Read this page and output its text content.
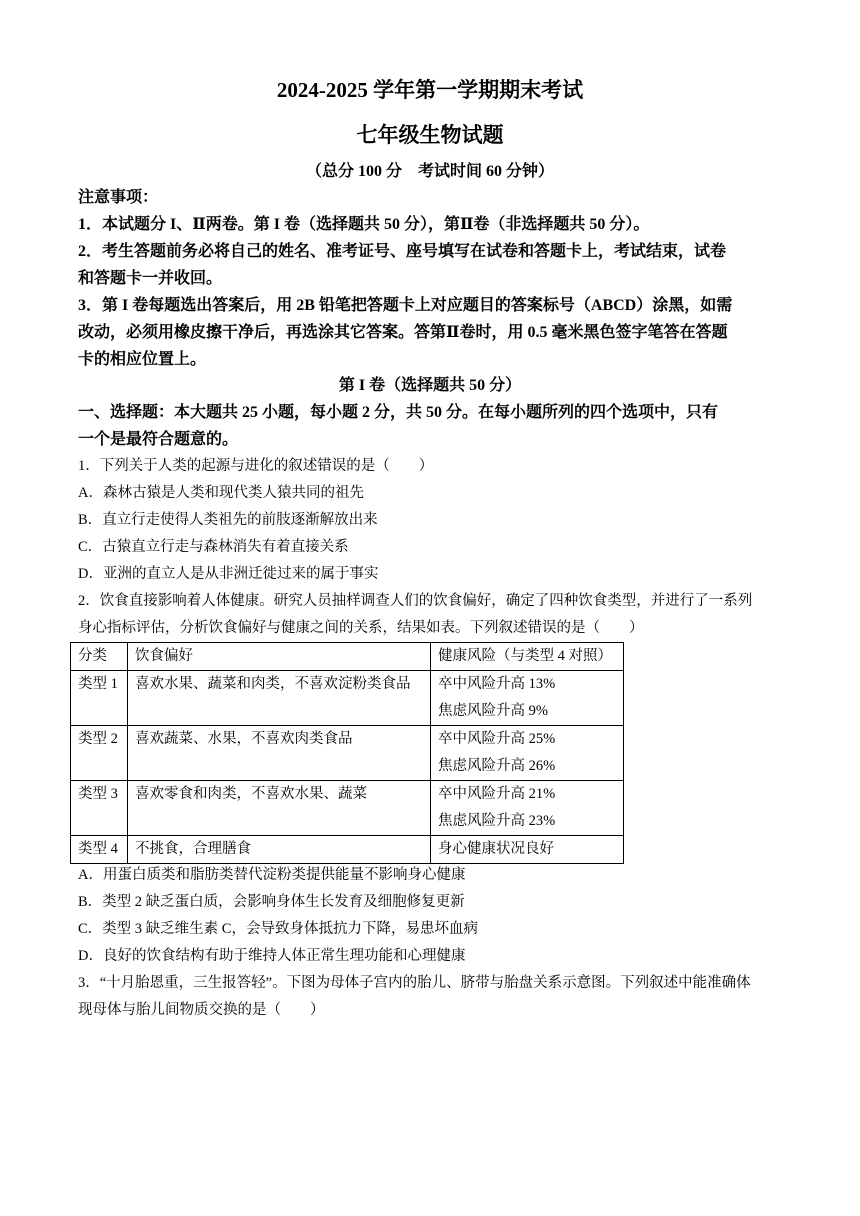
2024-2025 学年第一学期期末考试
七年级生物试题
（总分 100 分　考试时间 60 分钟）
注意事项：
1．本试题分 I、Ⅱ两卷。第 I 卷（选择题共 50 分），第Ⅱ卷（非选择题共 50 分）。
2．考生答题前务必将自己的姓名、准考证号、座号填写在试卷和答题卡上，考试结束，试卷
和答题卡一并收回。
3．第 I 卷每题选出答案后，用 2B 铅笔把答题卡上对应题目的答案标号（ABCD）涂黑，如需
改动，必须用橡皮擦干净后，再选涂其它答案。答第Ⅱ卷时，用 0.5 毫米黑色签字笔答在答题
卡的相应位置上。
第 I 卷（选择题共 50 分）
一、选择题：本大题共 25 小题，每小题 2 分，共 50 分。在每小题所列的四个选项中，只有
一个是最符合题意的。
1．下列关于人类的起源与进化的叙述错误的是（　　）
A．森林古猿是人类和现代类人猿共同的祖先
B．直立行走使得人类祖先的前肢逐渐解放出来
C．古猿直立行走与森林消失有着直接关系
D．亚洲的直立人是从非洲迁徙过来的属于事实
2．饮食直接影响着人体健康。研究人员抽样调查人们的饮食偏好，确定了四种饮食类型，并进行了一系列
身心指标评估，分析饮食偏好与健康之间的关系，结果如表。下列叙述错误的是（　　）
分类	饮食偏好	健康风险（与类型 4 对照）
类型 1	喜欢水果、蔬菜和肉类，不喜欢淀粉类食品	卒中风险升高 13%
焦虑风险升高 9%

类型 2	喜欢蔬菜、水果，不喜欢肉类食品	卒中风险升高 25%
焦虑风险升高 26%

类型 3	喜欢零食和肉类，不喜欢水果、蔬菜	卒中风险升高 21%
焦虑风险升高 23%

类型 4	不挑食，合理膳食	身心健康状况良好
A．用蛋白质类和脂肪类替代淀粉类提供能量不影响身心健康
B．类型 2 缺乏蛋白质，会影响身体生长发育及细胞修复更新
C．类型 3 缺乏维生素 C，会导致身体抵抗力下降，易患坏血病
D．良好的饮食结构有助于维持人体正常生理功能和心理健康
3．“十月胎恩重，三生报答轻”。下图为母体子宫内的胎儿、脐带与胎盘关系示意图。下列叙述中能准确体
现母体与胎儿间物质交换的是（　　）
